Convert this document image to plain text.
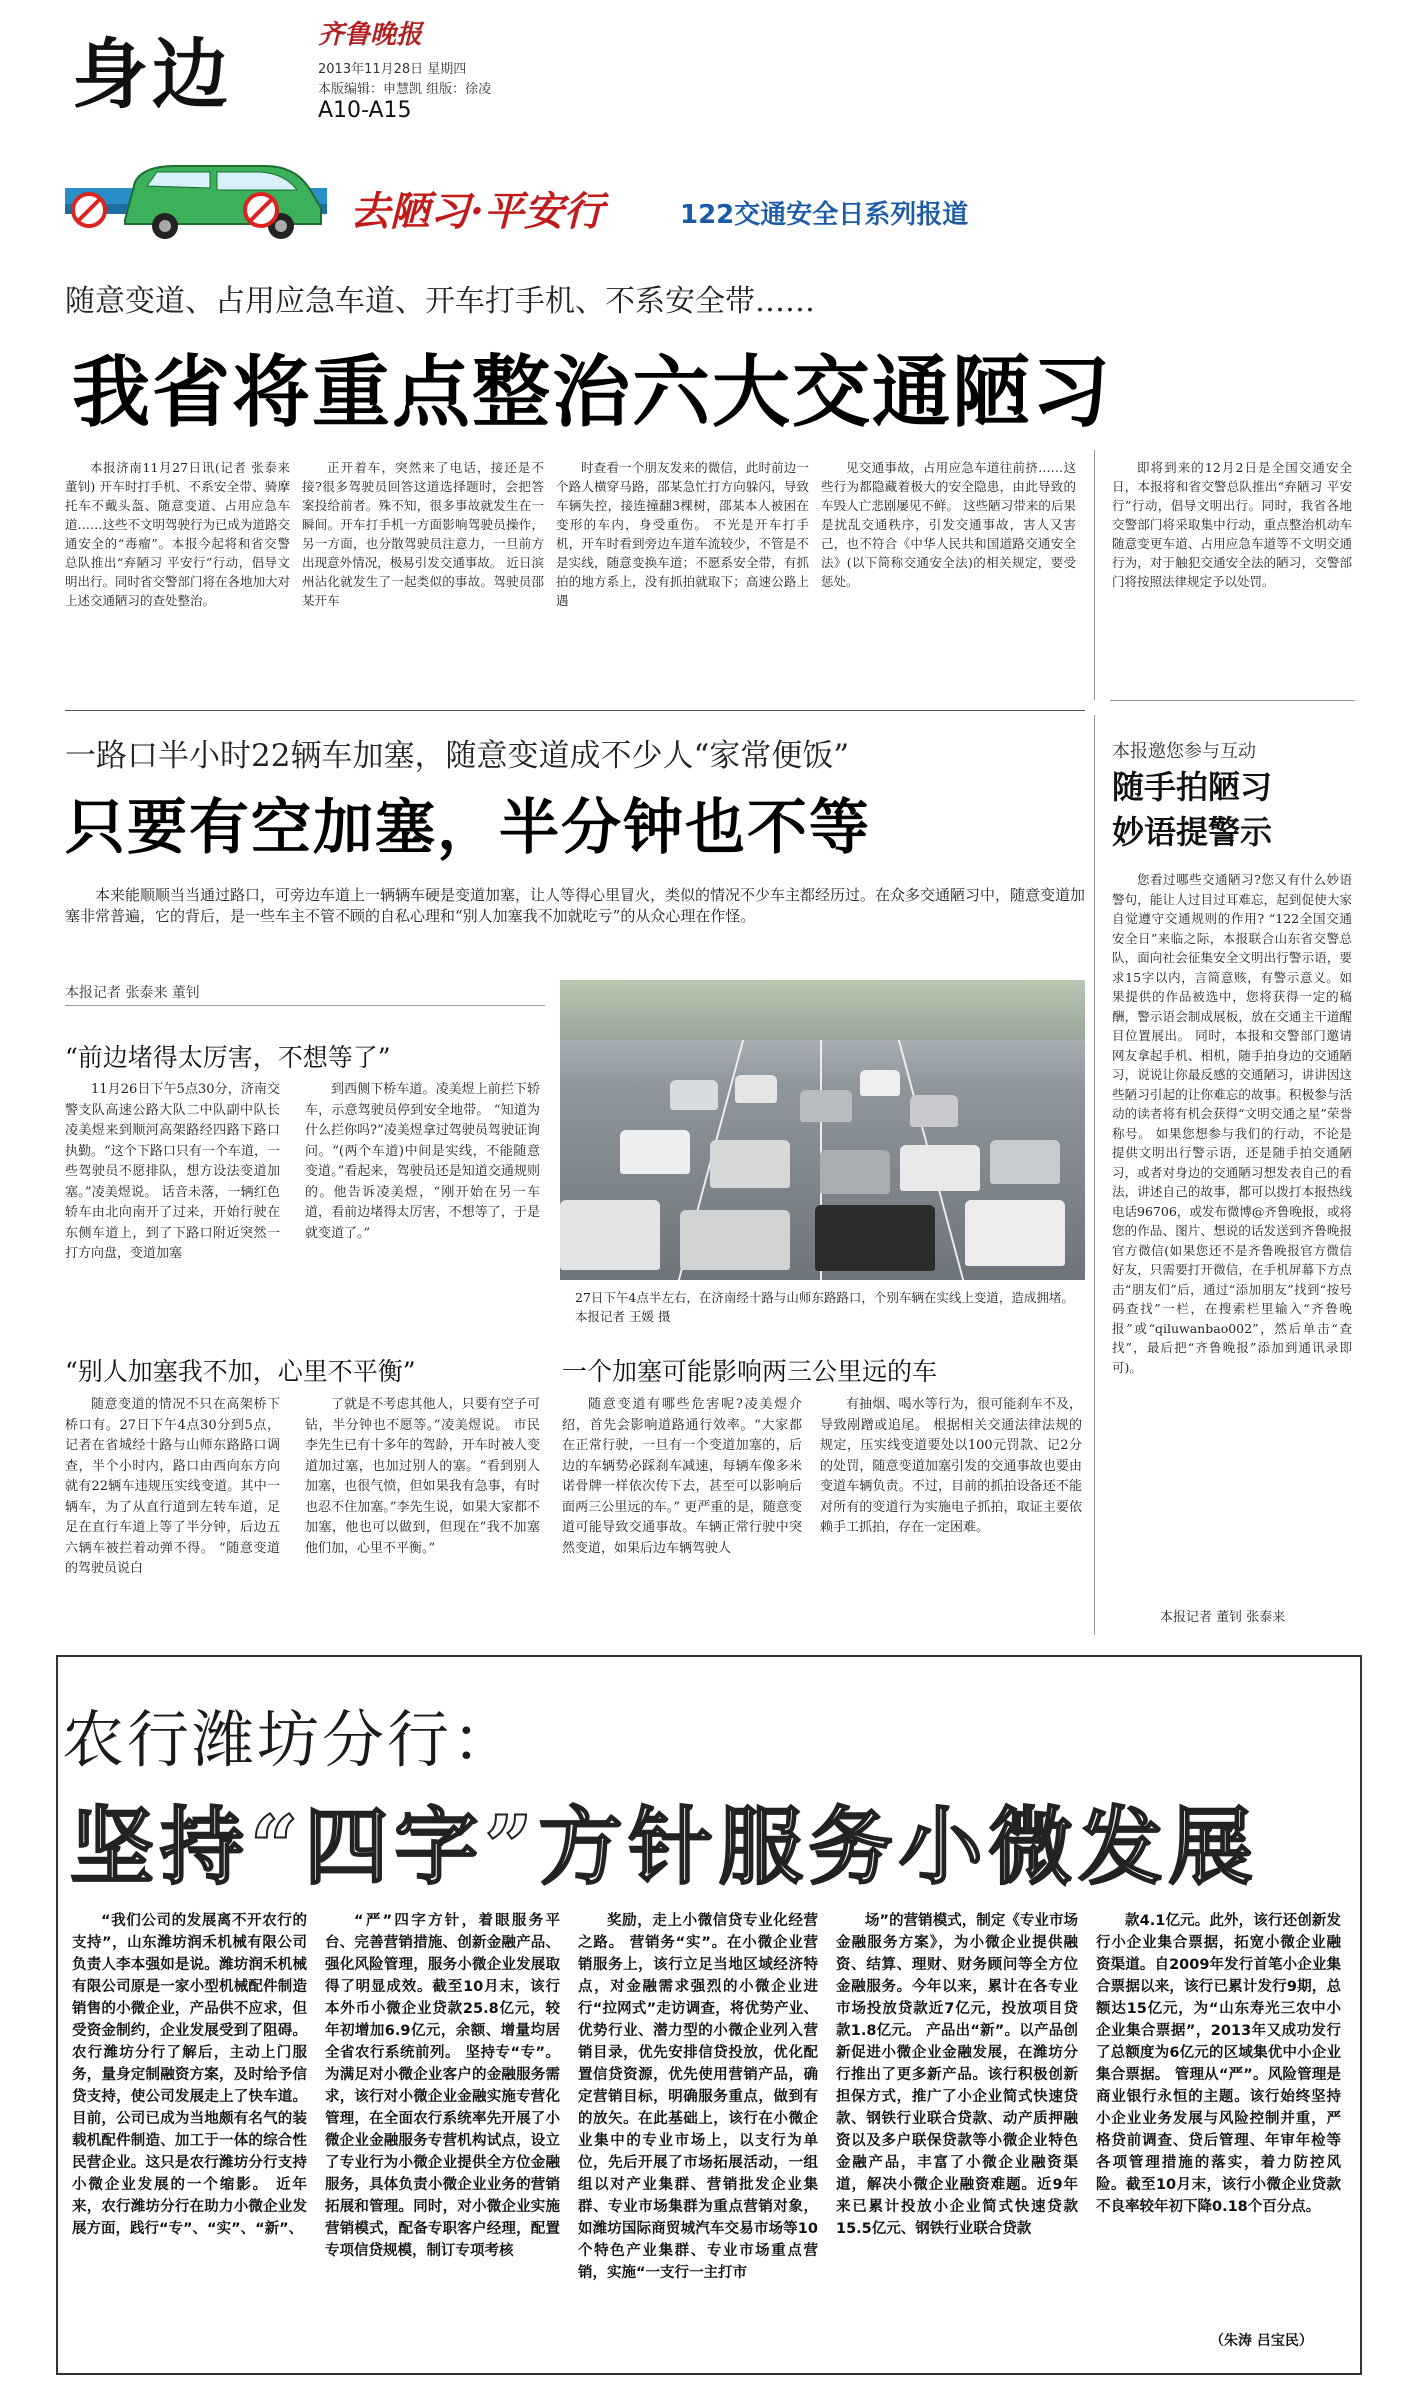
身边	齐鲁晚报
2013年11月28日 星期四
本版编辑：申慧凯 组版：徐凌
A10-A15
去陋习·平安行	122交通安全日系列报道
随意变道、占用应急车道、开车打手机、不系安全带……
我省将重点整治六大交通陋习

本报济南11月27日讯(记者 张泰来 董钊) 开车时打手机、不系安全带、骑摩托车不戴头盔、随意变道、占用应急车道……这些不文明驾驶行为已成为道路交通安全的“毒瘤”。本报今起将和省交警总队推出“弃陋习 平安行”行动，倡导文明出行。同时省交警部门将在各地加大对上述交通陋习的查处整治。

正开着车，突然来了电话，接还是不接?很多驾驶员回答这道选择题时，会把答案投给前者。殊不知，很多事故就发生在一瞬间。开车打手机一方面影响驾驶员操作，另一方面，也分散驾驶员注意力，一旦前方出现意外情况，极易引发交通事故。 近日滨州沾化就发生了一起类似的事故。驾驶员邵某开车

时查看一个朋友发来的微信，此时前边一个路人横穿马路，邵某急忙打方向躲闪，导致车辆失控，接连撞翻3棵树，邵某本人被困在变形的车内，身受重伤。 不光是开车打手机，开车时看到旁边车道车流较少，不管是不是实线，随意变换车道；不愿系安全带，有抓拍的地方系上，没有抓拍就取下；高速公路上遇

见交通事故，占用应急车道往前挤……这些行为都隐藏着极大的安全隐患，由此导致的车毁人亡悲剧屡见不鲜。 这些陋习带来的后果是扰乱交通秩序，引发交通事故，害人又害己，也不符合《中华人民共和国道路交通安全法》(以下简称交通安全法)的相关规定，要受惩处。

即将到来的12月2日是全国交通安全日，本报将和省交警总队推出“弃陋习 平安行”行动，倡导文明出行。同时，我省各地交警部门将采取集中行动，重点整治机动车随意变更车道、占用应急车道等不文明交通行为，对于触犯交通安全法的陋习，交警部门将按照法律规定予以处罚。

一路口半小时22辆车加塞，随意变道成不少人“家常便饭”
只要有空加塞，半分钟也不等

本来能顺顺当当通过路口，可旁边车道上一辆辆车硬是变道加塞，让人等得心里冒火，类似的情况不少车主都经历过。在众多交通陋习中，随意变道加塞非常普遍，它的背后，是一些车主不管不顾的自私心理和“别人加塞我不加就吃亏”的从众心理在作怪。

本报记者 张泰来 董钊
“前边堵得太厉害，不想等了”

11月26日下午5点30分，济南交警支队高速公路大队二中队副中队长凌美煜来到顺河高架路经四路下路口执勤。“这个下路口只有一个车道，一些驾驶员不愿排队，想方设法变道加塞。”凌美煜说。 话音未落，一辆红色轿车由北向南开了过来，开始行驶在东侧车道上，到了下路口附近突然一打方向盘，变道加塞

到西侧下桥车道。凌美煜上前拦下轿车，示意驾驶员停到安全地带。 “知道为什么拦你吗?”凌美煜拿过驾驶员驾驶证询问。“(两个车道)中间是实线，不能随意变道。”看起来，驾驶员还是知道交通规则的。他告诉凌美煜，“刚开始在另一车道，看前边堵得太厉害，不想等了，于是就变道了。”

27日下午4点半左右，在济南经十路与山师东路路口，个别车辆在实线上变道，造成拥堵。 本报记者 王媛 摄
“别人加塞我不加，心里不平衡”

随意变道的情况不只在高架桥下桥口有。27日下午4点30分到5点，记者在省城经十路与山师东路路口调查，半个小时内，路口由西向东方向就有22辆车违规压实线变道。其中一辆车，为了从直行道到左转车道，足足在直行车道上等了半分钟，后边五六辆车被拦着动弹不得。 “随意变道的驾驶员说白

了就是不考虑其他人，只要有空子可钻，半分钟也不愿等。”凌美煜说。 市民李先生已有十多年的驾龄，开车时被人变道加过塞，也加过别人的塞。“看到别人加塞，也很气愤，但如果我有急事，有时也忍不住加塞。”李先生说，如果大家都不加塞，他也可以做到，但现在“我不加塞他们加，心里不平衡。”

一个加塞可能影响两三公里远的车

随意变道有哪些危害呢?凌美煜介绍，首先会影响道路通行效率。“大家都在正常行驶，一旦有一个变道加塞的，后边的车辆势必踩刹车减速，每辆车像多米诺骨牌一样依次传下去，甚至可以影响后面两三公里远的车。” 更严重的是，随意变道可能导致交通事故。车辆正常行驶中突然变道，如果后边车辆驾驶人

有抽烟、喝水等行为，很可能刹车不及，导致剐蹭或追尾。 根据相关交通法律法规的规定，压实线变道要处以100元罚款、记2分的处罚，随意变道加塞引发的交通事故也要由变道车辆负责。不过，目前的抓拍设备还不能对所有的变道行为实施电子抓拍，取证主要依赖手工抓拍，存在一定困难。

本报邀您参与互动
随手拍陋习
妙语提警示

您看过哪些交通陋习?您又有什么妙语警句，能让人过目过耳难忘，起到促使大家自觉遵守交通规则的作用? “122全国交通安全日”来临之际，本报联合山东省交警总队，面向社会征集安全文明出行警示语，要求15字以内，言简意赅，有警示意义。如果提供的作品被选中，您将获得一定的稿酬，警示语会制成展板，放在交通主干道醒目位置展出。 同时，本报和交警部门邀请网友拿起手机、相机，随手拍身边的交通陋习，说说让你最反感的交通陋习，讲讲因这些陋习引起的让你难忘的故事。积极参与活动的读者将有机会获得“文明交通之星”荣誉称号。 如果您想参与我们的行动，不论是提供文明出行警示语，还是随手拍交通陋习，或者对身边的交通陋习想发表自己的看法，讲述自己的故事，都可以拨打本报热线电话96706，或发布微博@齐鲁晚报，或将您的作品、图片、想说的话发送到齐鲁晚报官方微信(如果您还不是齐鲁晚报官方微信好友，只需要打开微信，在手机屏幕下方点击“朋友们”后，通过“添加朋友”找到“按号码查找”一栏，在搜索栏里输入“齐鲁晚报”或“qiluwanbao002”，然后单击“查找”，最后把“齐鲁晚报”添加到通讯录即可)。

本报记者 董钊 张泰来
农行潍坊分行：
坚持“四字”方针服务小微发展

“我们公司的发展离不开农行的支持”，山东潍坊润禾机械有限公司负责人李本强如是说。潍坊润禾机械有限公司原是一家小型机械配件制造销售的小微企业，产品供不应求，但受资金制约，企业发展受到了阻碍。农行潍坊分行了解后，主动上门服务，量身定制融资方案，及时给予信贷支持，使公司发展走上了快车道。目前，公司已成为当地颇有名气的装载机配件制造、加工于一体的综合性民营企业。这只是农行潍坊分行支持小微企业发展的一个缩影。 近年来，农行潍坊分行在助力小微企业发展方面，践行“专”、“实”、“新”、

“严”四字方针，着眼服务平台、完善营销措施、创新金融产品、强化风险管理，服务小微企业发展取得了明显成效。截至10月末，该行本外币小微企业贷款25.8亿元，较年初增加6.9亿元，余额、增量均居全省农行系统前列。 坚持专“专”。为满足对小微企业客户的金融服务需求，该行对小微企业金融实施专营化管理，在全面农行系统率先开展了小微企业金融服务专营机构试点，设立了专业行为小微企业提供全方位金融服务，具体负责小微企业业务的营销拓展和管理。同时，对小微企业实施营销模式，配备专职客户经理，配置专项信贷规模，制订专项考核

奖励，走上小微信贷专业化经营之路。 营销务“实”。在小微企业营销服务上，该行立足当地区域经济特点，对金融需求强烈的小微企业进行“拉网式”走访调查，将优势产业、优势行业、潜力型的小微企业列入营销目录，优先安排信贷投放，优化配置信贷资源，优先使用营销产品，确定营销目标，明确服务重点，做到有的放矢。在此基础上，该行在小微企业集中的专业市场上，以支行为单位，先后开展了市场拓展活动，一组组以对产业集群、营销批发企业集群、专业市场集群为重点营销对象，如潍坊国际商贸城汽车交易市场等10个特色产业集群、专业市场重点营销，实施“一支行一主打市

场”的营销模式，制定《专业市场金融服务方案》，为小微企业提供融资、结算、理财、财务顾问等全方位金融服务。今年以来，累计在各专业市场投放贷款近7亿元，投放项目贷款1.8亿元。 产品出“新”。以产品创新促进小微企业金融发展，在潍坊分行推出了更多新产品。该行积极创新担保方式，推广了小企业简式快速贷款、钢铁行业联合贷款、动产质押融资以及多户联保贷款等小微企业特色金融产品，丰富了小微企业融资渠道，解决小微企业融资难题。近9年来已累计投放小企业简式快速贷款15.5亿元、钢铁行业联合贷款

款4.1亿元。此外，该行还创新发行小企业集合票据，拓宽小微企业融资渠道。自2009年发行首笔小企业集合票据以来，该行已累计发行9期，总额达15亿元，为“山东寿光三农中小企业集合票据”，2013年又成功发行了总额度为6亿元的区域集优中小企业集合票据。 管理从“严”。风险管理是商业银行永恒的主题。该行始终坚持小企业业务发展与风险控制并重，严格贷前调查、贷后管理、年审年检等各项管理措施的落实，着力防控风险。截至10月末，该行小微企业贷款不良率较年初下降0.18个百分点。

（朱涛 吕宝民）
